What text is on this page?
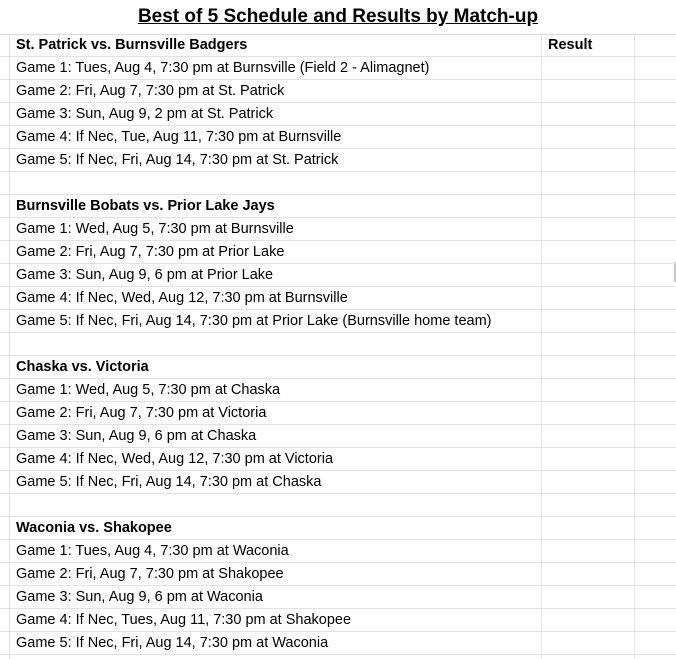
Best of 5 Schedule and Results by Match-up
St. Patrick vs. Burnsville Badgers	Result
Game 1: Tues, Aug 4, 7:30 pm at Burnsville (Field 2 - Alimagnet)
Game 2: Fri, Aug 7, 7:30 pm at St. Patrick
Game 3: Sun, Aug 9, 2 pm at St. Patrick
Game 4: If Nec, Tue, Aug 11, 7:30 pm at Burnsville
Game 5: If Nec, Fri, Aug 14, 7:30 pm at St. Patrick
Burnsville Bobats vs. Prior Lake Jays
Game 1: Wed, Aug 5, 7:30 pm at Burnsville
Game 2: Fri, Aug 7, 7:30 pm at Prior Lake
Game 3: Sun, Aug 9, 6 pm at Prior Lake
Game 4: If Nec, Wed, Aug 12, 7:30 pm at Burnsville
Game 5: If Nec, Fri, Aug 14, 7:30 pm at Prior Lake (Burnsville home team)
Chaska vs. Victoria
Game 1: Wed, Aug 5, 7:30 pm at Chaska
Game 2: Fri, Aug 7, 7:30 pm at Victoria
Game 3: Sun, Aug 9, 6 pm at Chaska
Game 4: If Nec, Wed, Aug 12, 7:30 pm at Victoria
Game 5: If Nec, Fri, Aug 14, 7:30 pm at Chaska
Waconia vs. Shakopee
Game 1: Tues, Aug 4, 7:30 pm at Waconia
Game 2: Fri, Aug 7, 7:30 pm at Shakopee
Game 3: Sun, Aug 9, 6 pm at Waconia
Game 4: If Nec, Tues, Aug 11, 7:30 pm at Shakopee
Game 5: If Nec, Fri, Aug 14, 7:30 pm at Waconia
